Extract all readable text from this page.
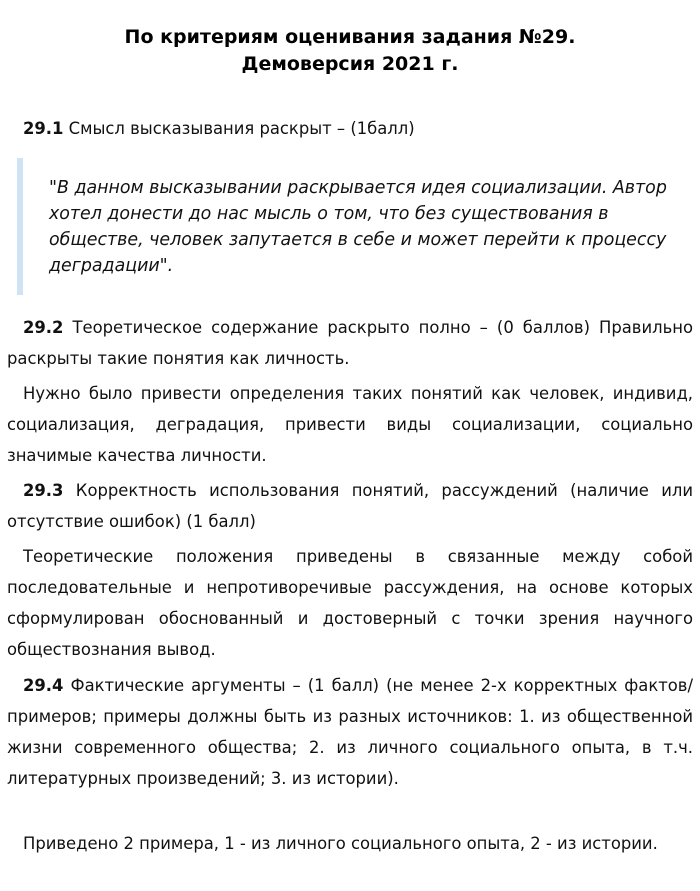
По критериям оценивания задания №29.
Демоверсия 2021 г.

29.1 Смысл высказывания раскрыт – (1балл)

"В данном высказывании раскрывается идея социализации. Автор хотел донести до нас мысль о том, что без существования в обществе, человек запутается в себе и может перейти к процессу деградации".

29.2 Теоретическое содержание раскрыто полно – (0 баллов) Правильно раскрыты такие понятия как личность.

Нужно было привести определения таких понятий как человек, индивид, социализация, деградация, привести виды социализации, социально значимые качества личности.

29.3 Корректность использования понятий, рассуждений (наличие или отсутствие ошибок) (1 балл)

Теоретические положения приведены в связанные между собой последовательные и непротиворечивые рассуждения, на основе которых сформулирован обоснованный и достоверный с точки зрения научного обществознания вывод.

29.4 Фактические аргументы – (1 балл) (не менее 2-х корректных фактов/примеров; примеры должны быть из разных источников: 1. из общественной жизни современного общества; 2. из личного социального опыта, в т.ч. литературных произведений; 3. из истории).

Приведено 2 примера, 1 - из личного социального опыта, 2 - из истории.
